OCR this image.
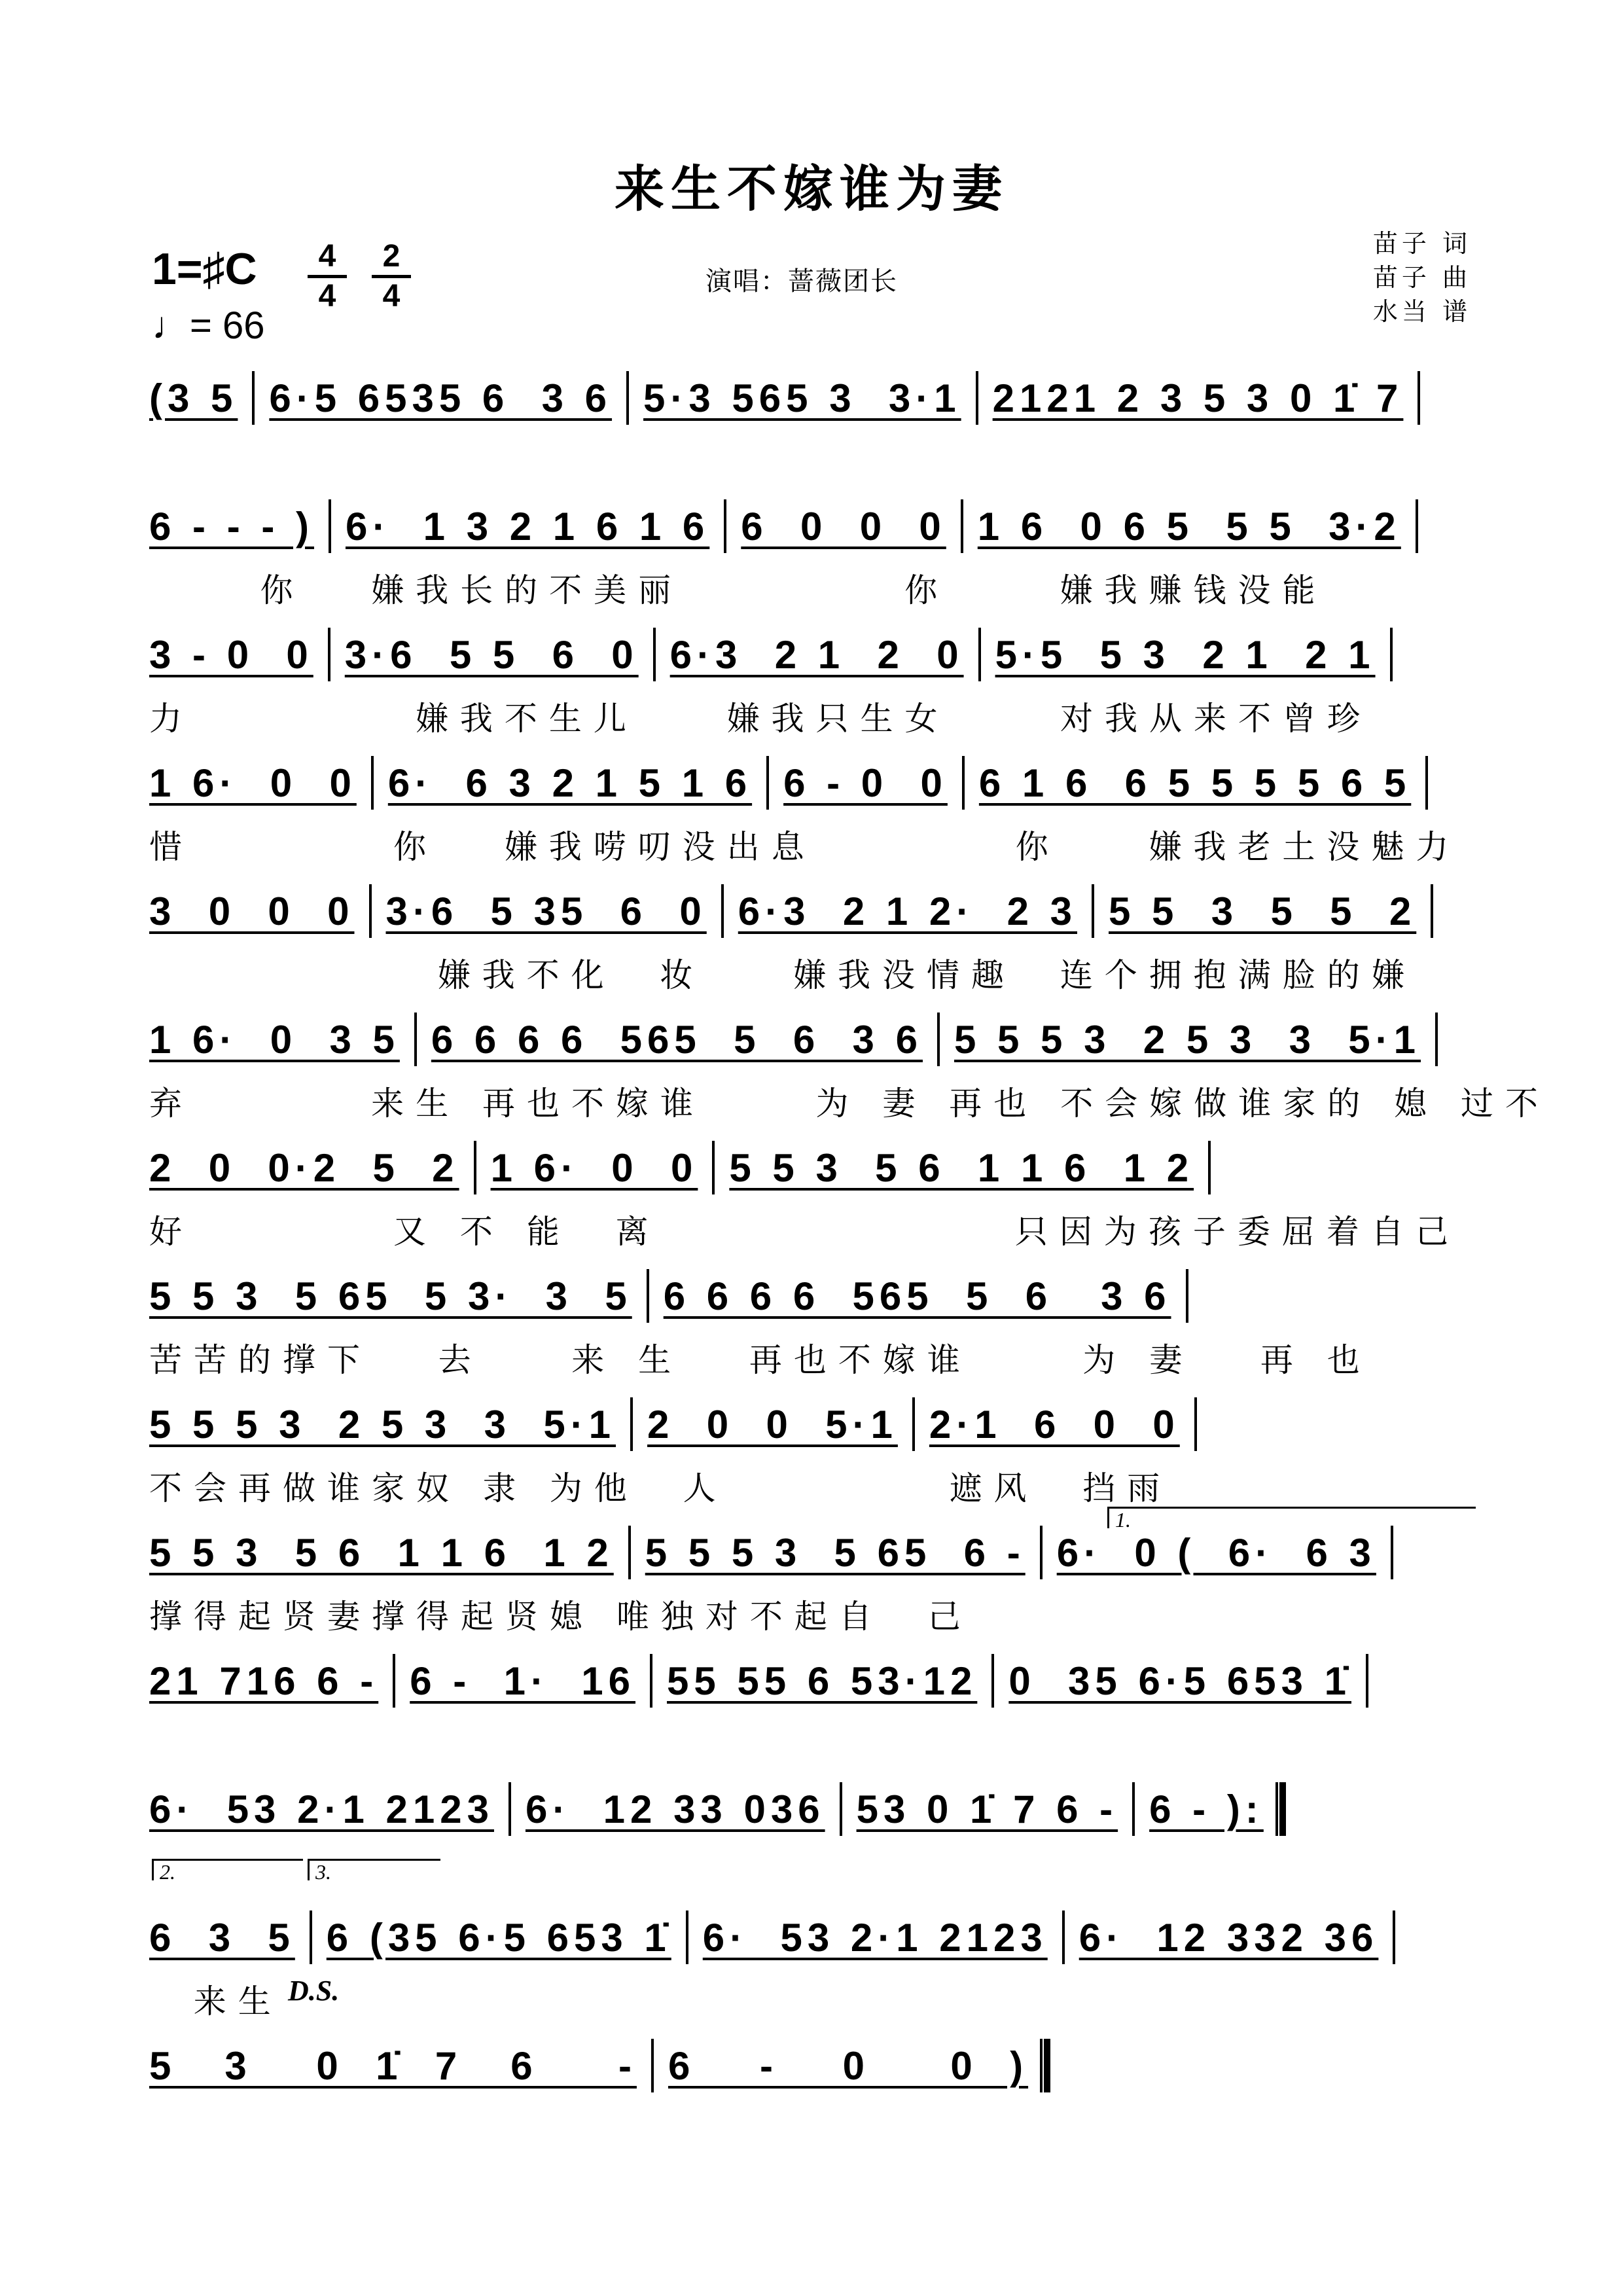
来生不嫁谁为妻
1=♯C	4
4
2
4
♩= 66
演唱：蔷薇团长
苗子 词
苗子 曲
水当 谱
(3 5 6·5 6535 6  3 6 5·3 565 3  3·1 2121 2 3 5 3 0 1̇ 7
6 - - - ) 6·  1 3 2 1 6 1 6 6  0  0  0 1 6  0 6 5  5 5  3·2
你   嫌我长的不美丽          你     嫌我赚钱没能
3 - 0  0 3·6  5 5  6  0 6·3  2 1  2  0 5·5  5 3  2 1  2 1
力          嫌我不生儿    嫌我只生女     对我从来不曾珍
1 6·  0  0 6·  6 3 2 1 5 1 6 6 - 0  0 6 1 6  6 5 5 5 5 6 5
惜         你   嫌我唠叨没出息         你    嫌我老土没魅力
3  0  0  0 3·6  5 35  6  0 6·3  2 1 2·  2 3 5 5  3  5  5  2
嫌我不化  妆    嫌我没情趣  连个拥抱满脸的嫌
1 6·  0  3 5 6 6 6 6  565  5  6  3 6 5 5 5 3  2 5 3  3  5·1
弃        来生 再也不嫁谁     为 妻 再也 不会嫁做谁家的 媳 过不
2  0  0·2  5  2 1 6·  0  0 5 5 3  5 6  1 1 6  1 2
好         又 不 能  离                只因为孩子委屈着自己
5 5 3  5 65  5 3·  3  5 6 6 6 6  565  5  6   3 6
苦苦的撑下   去    来 生   再也不嫁谁     为 妻   再 也
5 5 5 3  2 5 3  3  5·1 2  0  0  5·1 2·1  6  0  0
不会再做谁家奴 隶 为他  人          遮风  挡雨
5 5 3  5 6  1 1 6  1 2 5 5 5 3  5 65  6 - 6·  0 (  6·  6 3
撑得起贤妻撑得起贤媳 唯独对不起自  己
21 716 6 - 6 -  1·  16 55 55 6 53·12 0  35 6·5 653 1̇
6·  53 2·1 2123 6·  12 33 036 53 0 1̇ 7 6 - 6 - ):
6  3  5 6 (35 6·5 653 1̇ 6·  53 2·1 2123 6·  12 332 36
来生
5   3    0  1̇  7   6     - 6    -    0     0  )
D.S.
1.
2.	3.
